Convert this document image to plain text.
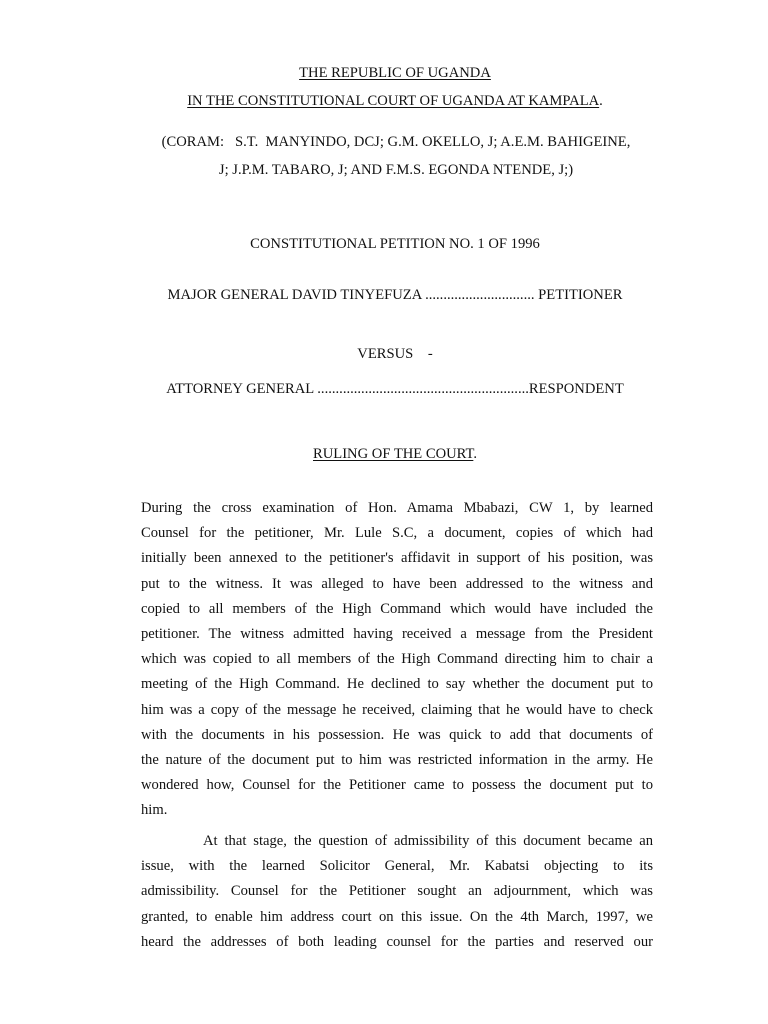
THE REPUBLIC OF UGANDA
IN THE CONSTITUTIONAL COURT OF UGANDA AT KAMPALA.
(CORAM:   S.T.  MANYINDO, DCJ; G.M. OKELLO, J; A.E.M. BAHIGEINE,
J; J.P.M. TABARO, J; AND F.M.S. EGONDA NTENDE, J;)
CONSTITUTIONAL PETITION NO. 1 OF 1996
MAJOR GENERAL DAVID TINYEFUZA .............................. PETITIONER
VERSUS    -
ATTORNEY GENERAL ..........................................................RESPONDENT
RULING OF THE COURT.
During the cross examination of Hon. Amama Mbabazi, CW 1, by learned
Counsel for the petitioner, Mr. Lule S.C, a document, copies of which had
initially been annexed to the petitioner's affidavit in support of his position, was
put to the witness. It was alleged to have been addressed to the witness and
copied to all members of the High Command which would have included the
petitioner. The witness admitted having received a message from the President
which was copied to all members of the High Command directing him to chair a
meeting of the High Command. He declined to say whether the document put to
him was a copy of the message he received, claiming that he would have to check
with the documents in his possession. He was quick to add that documents of
the nature of the document put to him was restricted information in the army. He
wondered how, Counsel for the Petitioner came to possess the document put to
him.
At that stage, the question of admissibility of this document became an
issue, with the learned Solicitor General, Mr. Kabatsi objecting to its
admissibility. Counsel for the Petitioner sought an adjournment, which was
granted, to enable him address court on this issue. On the 4th March, 1997, we
heard the addresses of both leading counsel for the parties and reserved our
